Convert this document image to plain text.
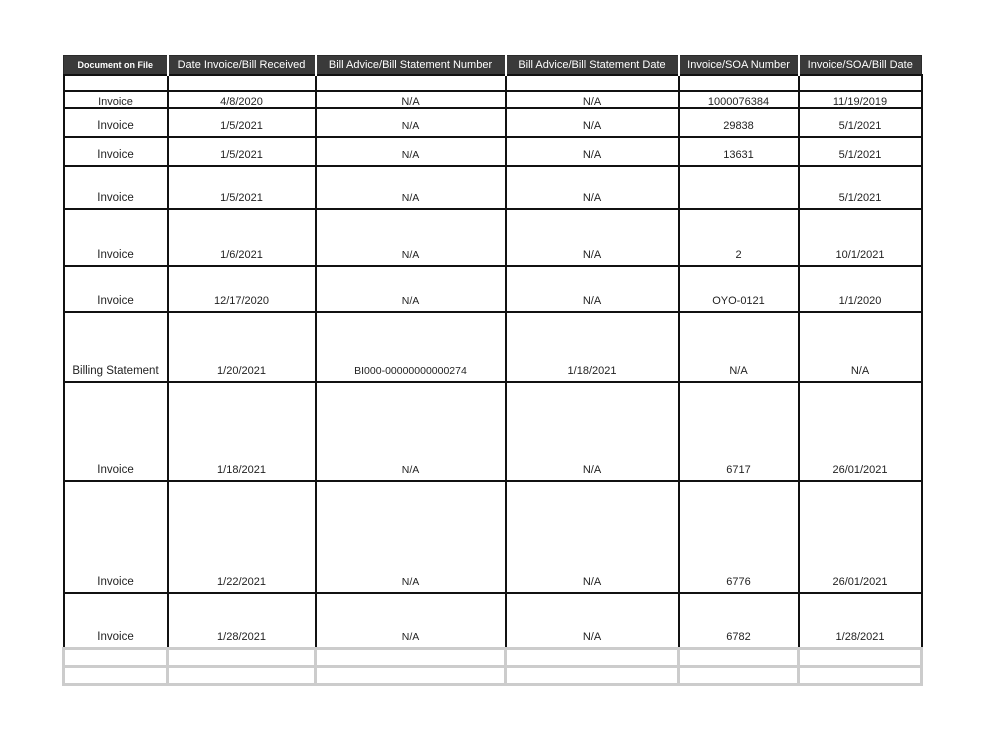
Document on File	Date Invoice/Bill Received	Bill Advice/Bill Statement Number	Bill Advice/Bill Statement Date	Invoice/SOA Number	Invoice/SOA/Bill Date

Invoice	4/8/2020	N/A	N/A	1000076384	11/19/2019
Invoice	1/5/2021	N/A	N/A	29838	5/1/2021
Invoice	1/5/2021	N/A	N/A	13631	5/1/2021
Invoice	1/5/2021	N/A	N/A		5/1/2021
Invoice	1/6/2021	N/A	N/A	2	10/1/2021
Invoice	12/17/2020	N/A	N/A	OYO-0121	1/1/2020
Billing Statement	1/20/2021	BI000-00000000000274	1/18/2021	N/A	N/A
Invoice	1/18/2021	N/A	N/A	6717	26/01/2021
Invoice	1/22/2021	N/A	N/A	6776	26/01/2021
Invoice	1/28/2021	N/A	N/A	6782	1/28/2021
